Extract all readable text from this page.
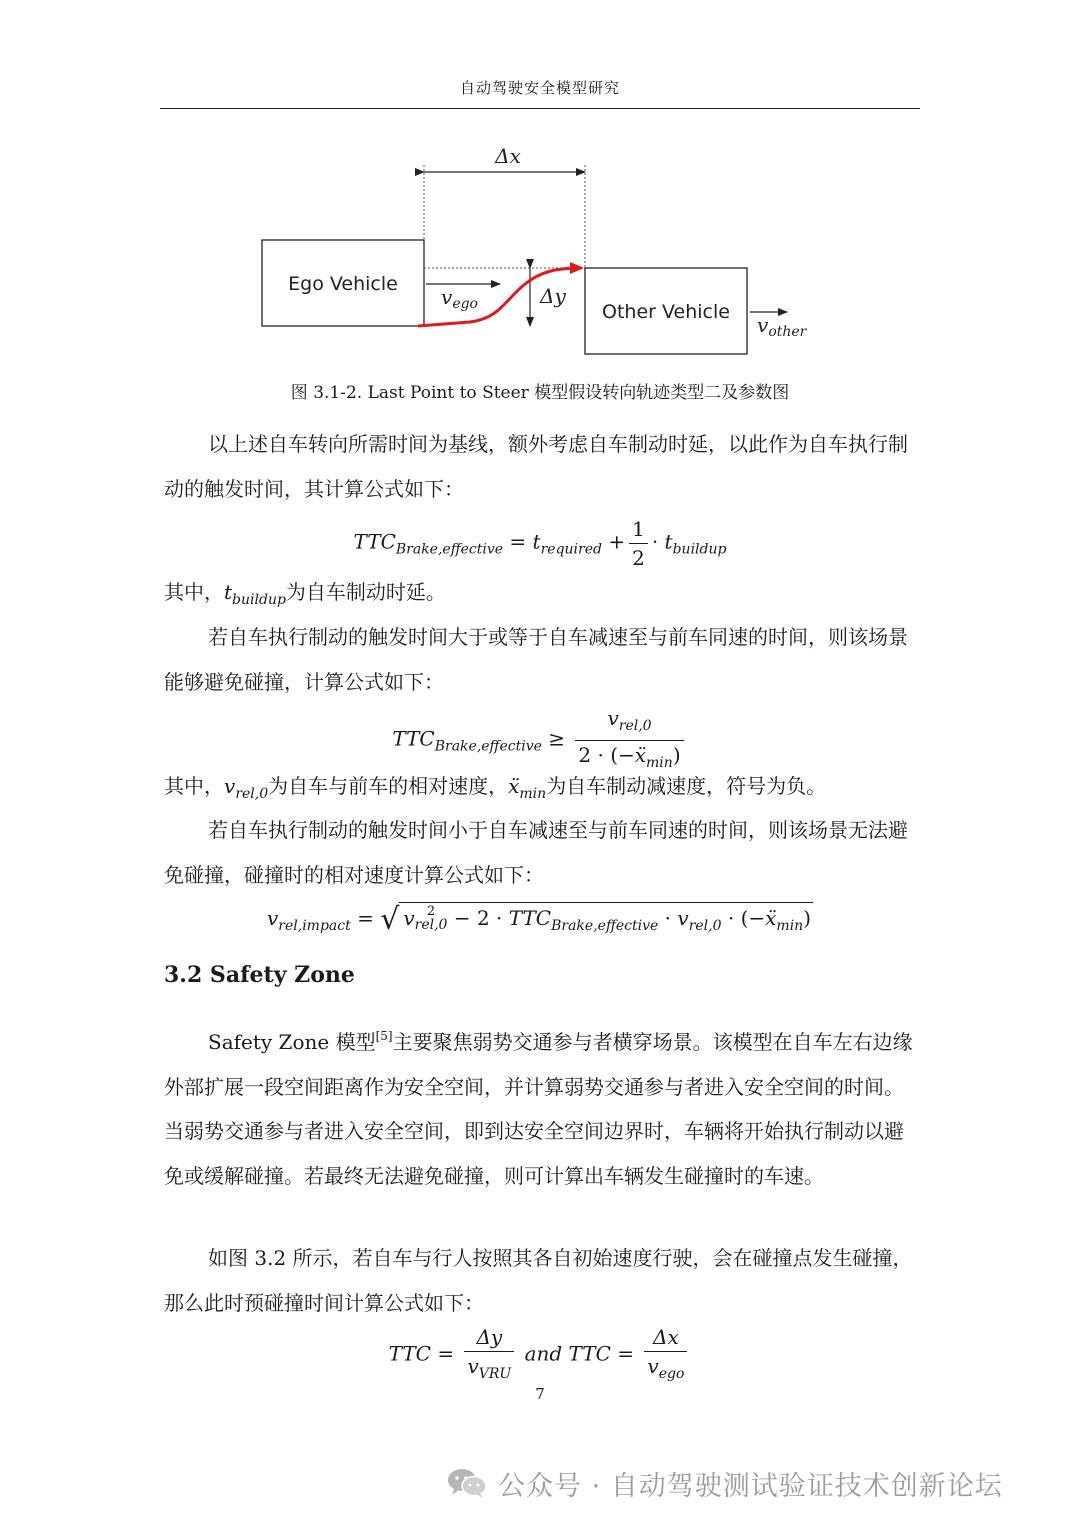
自动驾驶安全模型研究
Δx
Ego Vehicle
$v_{ego}$	Δy
Other Vehicle
$v_{other}$
图 3.1-2. Last Point to Steer 模型假设转向轨迹类型二及参数图

以上述自车转向所需时间为基线，额外考虑自车制动时延，以此作为自车执行制动的触发时间，其计算公式如下：

$TTC_{Brake,effective} = t_{required} + \frac{1}{2} \cdot t_{buildup}$

其中，$t_{buildup}$为自车制动时延。

若自车执行制动的触发时间大于或等于自车减速至与前车同速的时间，则该场景能够避免碰撞，计算公式如下：

$TTC_{Brake,effective} \ge \frac{v_{rel,0}}{2 \cdot (-ẍ_{min})}$

其中，$v_{rel,0}$为自车与前车的相对速度，ẍ$_{min}$为自车制动减速度，符号为负。

若自车执行制动的触发时间小于自车减速至与前车同速的时间，则该场景无法避免碰撞，碰撞时的相对速度计算公式如下：

$v_{rel,impact}$ = √ v 2
$rel,0 - 2 \cdot TTC_{Brake,effective} \cdot v_{rel,0}$ · (−ẍ$_{min}$)
3.2 Safety Zone

Safety Zone 模型[5]主要聚焦弱势交通参与者横穿场景。该模型在自车左右边缘外部扩展一段空间距离作为安全空间，并计算弱势交通参与者进入安全空间的时间。当弱势交通参与者进入安全空间，即到达安全空间边界时，车辆将开始执行制动以避免或缓解碰撞。若最终无法避免碰撞，则可计算出车辆发生碰撞时的车速。

如图 3.2 所示，若自车与行人按照其各自初始速度行驶，会在碰撞点发生碰撞，那么此时预碰撞时间计算公式如下：

TTC = $\frac{\Delta y}{v_{VRU}}$ and TTC = $\frac{\Delta x}{v_{ego}}$
7
公众号 · 自动驾驶测试验证技术创新论坛
